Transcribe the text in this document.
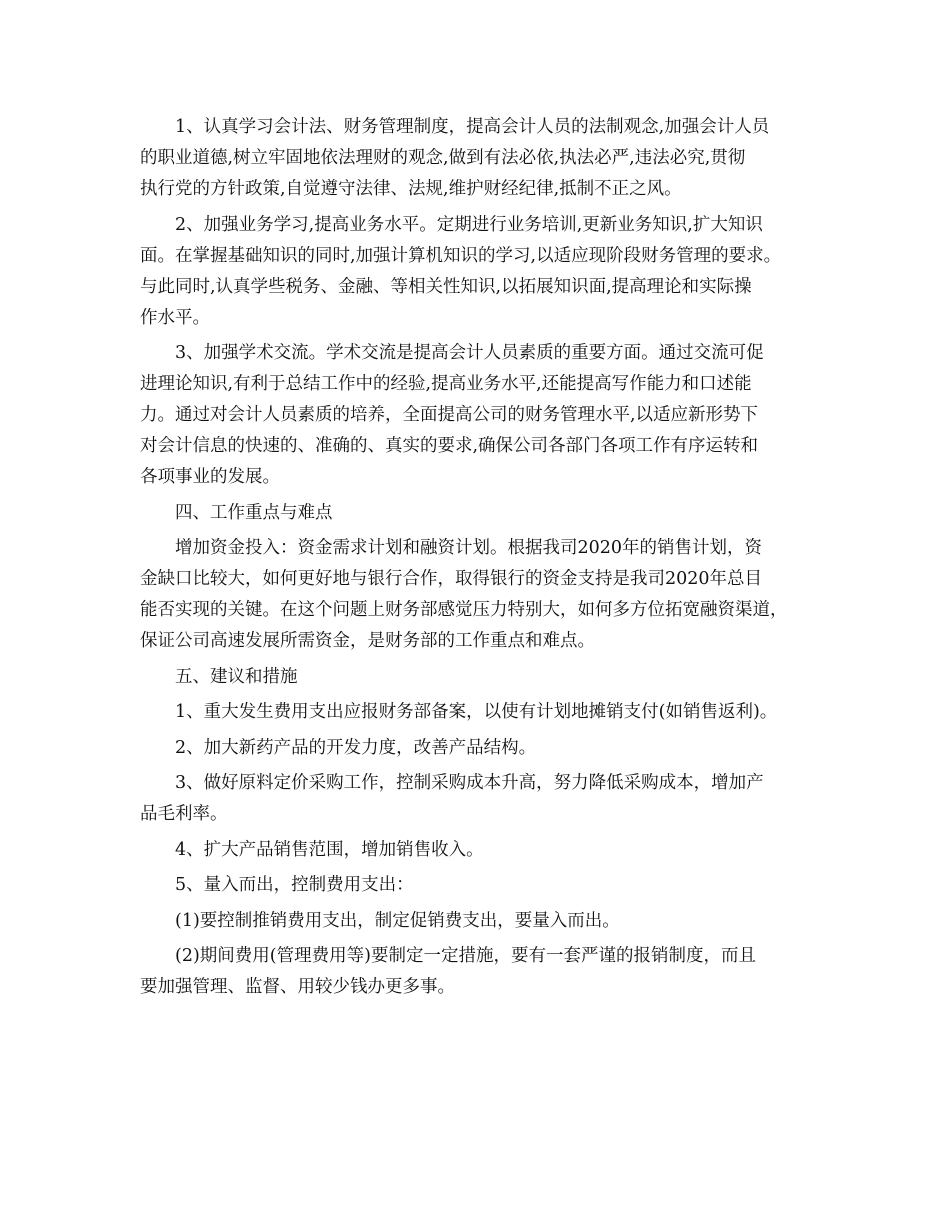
1、认真学习会计法、财务管理制度，提高会计人员的法制观念,加强会计人员
的职业道德,树立牢固地依法理财的观念,做到有法必依,执法必严,违法必究,贯彻
执行党的方针政策,自觉遵守法律、法规,维护财经纪律,抵制不正之风。

2、加强业务学习,提高业务水平。定期进行业务培训,更新业务知识,扩大知识
面。在掌握基础知识的同时,加强计算机知识的学习,以适应现阶段财务管理的要求。
与此同时,认真学些税务、金融、等相关性知识,以拓展知识面,提高理论和实际操
作水平。

3、加强学术交流。学术交流是提高会计人员素质的重要方面。通过交流可促
进理论知识,有利于总结工作中的经验,提高业务水平,还能提高写作能力和口述能
力。通过对会计人员素质的培养，全面提高公司的财务管理水平,以适应新形势下
对会计信息的快速的、准确的、真实的要求,确保公司各部门各项工作有序运转和
各项事业的发展。

四、工作重点与难点

增加资金投入：资金需求计划和融资计划。根据我司2020年的销售计划，资
金缺口比较大，如何更好地与银行合作，取得银行的资金支持是我司2020年总目
能否实现的关键。在这个问题上财务部感觉压力特别大，如何多方位拓宽融资渠道，
保证公司高速发展所需资金，是财务部的工作重点和难点。

五、建议和措施

1、重大发生费用支出应报财务部备案，以使有计划地摊销支付(如销售返利)。

2、加大新药产品的开发力度，改善产品结构。

3、做好原料定价采购工作，控制采购成本升高，努力降低采购成本，增加产
品毛利率。

4、扩大产品销售范围，增加销售收入。

5、量入而出，控制费用支出：

(1)要控制推销费用支出，制定促销费支出，要量入而出。

(2)期间费用(管理费用等)要制定一定措施，要有一套严谨的报销制度，而且
要加强管理、监督、用较少钱办更多事。
